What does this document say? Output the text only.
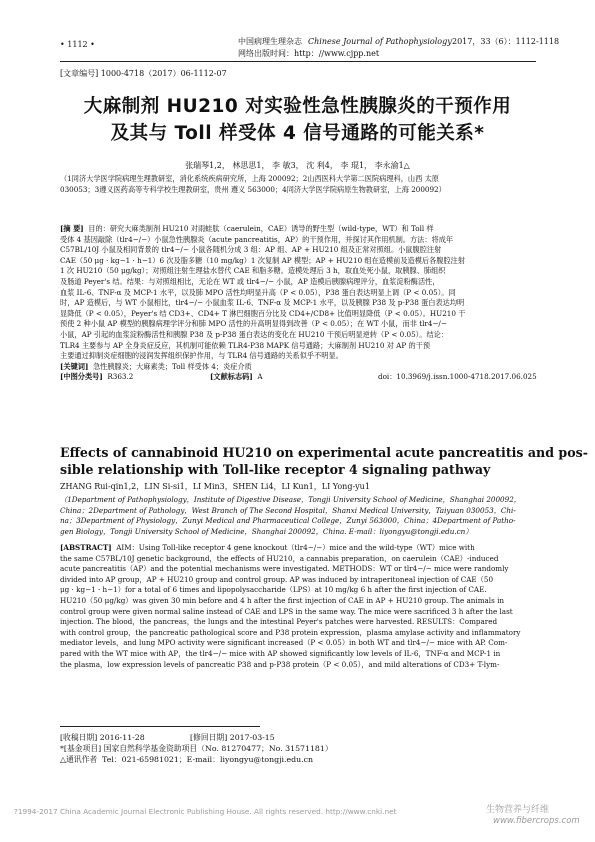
• 1112 •	中国病理生理杂志 Chinese Journal of Pathophysiology 2017，33（6）：1112-1118
网络出版时间：http：//www.cjpp.net
[文章编号] 1000-4718（2017）06-1112-07
大麻制剂 HU210 对实验性急性胰腺炎的干预作用
及其与 Toll 样受体 4 信号通路的可能关系*
张瑞琴1,2， 林思思1， 李 敏3， 沈 利4， 李 琨1， 李永渝1△
（1同济大学医学院病理生理教研室，消化系统疾病研究所，上海 200092；2山西医科大学第二医院病理科，山西 太原
030053；3遵义医药高等专科学校生理教研室，贵州 遵义 563000；4同济大学医学院病原生物教研室，上海 200092）
[摘 要] 目的：研究大麻类制剂 HU210 对雨蛙肽（caerulein，CAE）诱导的野生型（wild-type，WT）和 Toll 样
受体 4 基因敲除（tlr4−/−）小鼠急性胰腺炎（acute pancreatitis，AP）的干预作用，并探讨其作用机制。方法：将成年
C57BL/10J 小鼠及相同背景的 tlr4−/− 小鼠各随机分成 3 组：AP 组、AP + HU210 组及正常对照组。小鼠腹腔注射
CAE（50 μg · kg−1 · h−1）6 次及脂多糖（10 mg/kg）1 次复制 AP 模型；AP + HU210 组在造模前及造模后各腹腔注射
1 次 HU210（50 μg/kg）；对照组注射生理盐水替代 CAE 和脂多糖。造模处理后 3 h，取血处死小鼠，取胰腺、肺组织
及肠道 Peyer's 结。结果：与对照组相比，无论在 WT 或 tlr4−/− 小鼠，AP 造模后胰腺病理评分，血浆淀粉酶活性，
血浆 IL-6、TNF-α 及 MCP-1 水平，以及肺 MPO 活性均明显升高（P < 0.05），P38 蛋白表达明显上调（P < 0.05）。同
时，AP 造模后，与 WT 小鼠相比，tlr4−/− 小鼠血浆 IL-6、TNF-α 及 MCP-1 水平，以及胰腺 P38 及 p-P38 蛋白表达均明
显降低（P < 0.05），Peyer's 结 CD3+、CD4+ T 淋巴细胞百分比及 CD4+/CD8+ 比值明显降低（P < 0.05）。HU210 干
预使 2 种小鼠 AP 模型的胰腺病理学评分和肺 MPO 活性的升高明显得到改善（P < 0.05）；在 WT 小鼠，而非 tlr4−/−
小鼠，AP 引起的血浆淀粉酶活性和胰腺 P38 及 p-P38 蛋白表达的变化在 HU210 干预后明显逆转（P < 0.05）。结论：
TLR4 主要参与 AP 全身炎症反应，其机制可能依赖 TLR4-P38 MAPK 信号通路；大麻制剂 HU210 对 AP 的干预
主要通过抑制炎症细胞的浸润发挥组织保护作用，与 TLR4 信号通路的关系似乎不明显。
[关键词] 急性胰腺炎；大麻素类；Toll 样受体 4；炎症介质
[中图分类号] R363.2	[文献标志码] A	doi：10.3969/j.issn.1000-4718.2017.06.025
Effects of cannabinoid HU210 on experimental acute pancreatitis and pos-
sible relationship with Toll-like receptor 4 signaling pathway
ZHANG Rui-qin1,2，LIN Si-si1，LI Min3，SHEN Li4，LI Kun1，LI Yong-yu1
（1Department of Pathophysiology，Institute of Digestive Disease，Tongji University School of Medicine，Shanghai 200092，
China；2Department of Pathology，West Branch of The Second Hospital，Shanxi Medical University，Taiyuan 030053，Chi-
na；3Department of Physiology，Zunyi Medical and Pharmaceutical College，Zunyi 563000，China；4Department of Patho-
gen Biology，Tongji University School of Medicine，Shanghai 200092，China. E-mail：liyongyu@tongji.edu.cn）
[ABSTRACT] AIM：Using Toll-like receptor 4 gene knockout（tlr4−/−）mice and the wild-type（WT）mice with
the same C57BL/10J genetic background，the effects of HU210，a cannabis preparation，on caerulein（CAE）-induced
acute pancreatitis（AP）and the potential mechanisms were investigated. METHODS：WT or tlr4−/− mice were randomly
divided into AP group，AP + HU210 group and control group. AP was induced by intraperitoneal injection of CAE（50
μg · kg−1 · h−1）for a total of 6 times and lipopolysaccharide（LPS）at 10 mg/kg 6 h after the first injection of CAE.
HU210（50 μg/kg）was given 30 min before and 4 h after the first injection of CAE in AP + HU210 group. The animals in
control group were given normal saline instead of CAE and LPS in the same way. The mice were sacrificed 3 h after the last
injection. The blood，the pancreas，the lungs and the intestinal Peyer's patches were harvested. RESULTS：Compared
with control group，the pancreatic pathological score and P38 protein expression，plasma amylase activity and inflammatory
mediator levels，and lung MPO activity were significant increased（P < 0.05）in both WT and tlr4−/− mice with AP. Com-
pared with the WT mice with AP，the tlr4−/− mice with AP showed significantly low levels of IL-6，TNF-α and MCP-1 in
the plasma，low expression levels of pancreatic P38 and p-P38 protein（P < 0.05），and mild alterations of CD3+ T-lym-
[收稿日期] 2016-11-28	[修回日期] 2017-03-15
*[基金项目] 国家自然科学基金资助项目（No. 81270477；No. 31571181）
△通讯作者 Tel：021-65981021；E-mail：liyongyu@tongji.edu.cn
?1994-2017 China Academic Journal Electronic Publishing House. All rights reserved. http://www.cnki.net	生物营养与纤维
www.fibercrops.com
